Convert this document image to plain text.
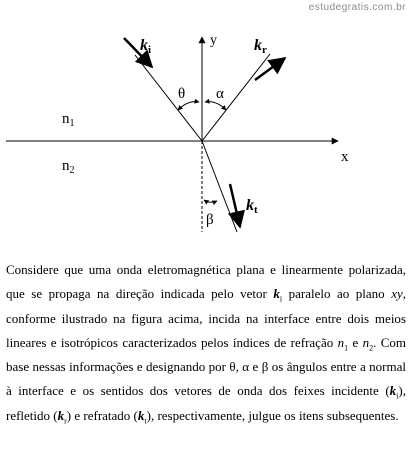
estudegratis.com.br
x
y
ki	kr
kt
θ α
β
$n_1$
$n_2$
Considere que uma onda eletromagnética plana e linearmente polarizada, que se propaga na direção indicada pelo vetor $k_i$ paralelo ao plano xy, conforme ilustrado na figura acima, incida na interface entre dois meios lineares e isotrópicos caracterizados pelos índices de refração $n_1$ e $n_2$. Com base nessas informações e designando por θ, α e β os ângulos entre a normal à interface e os sentidos dos vetores de onda dos feixes incidente $(k_i)$, refletido $(k_r)$ e refratado $(k_t)$, respectivamente, julgue os itens subsequentes.
